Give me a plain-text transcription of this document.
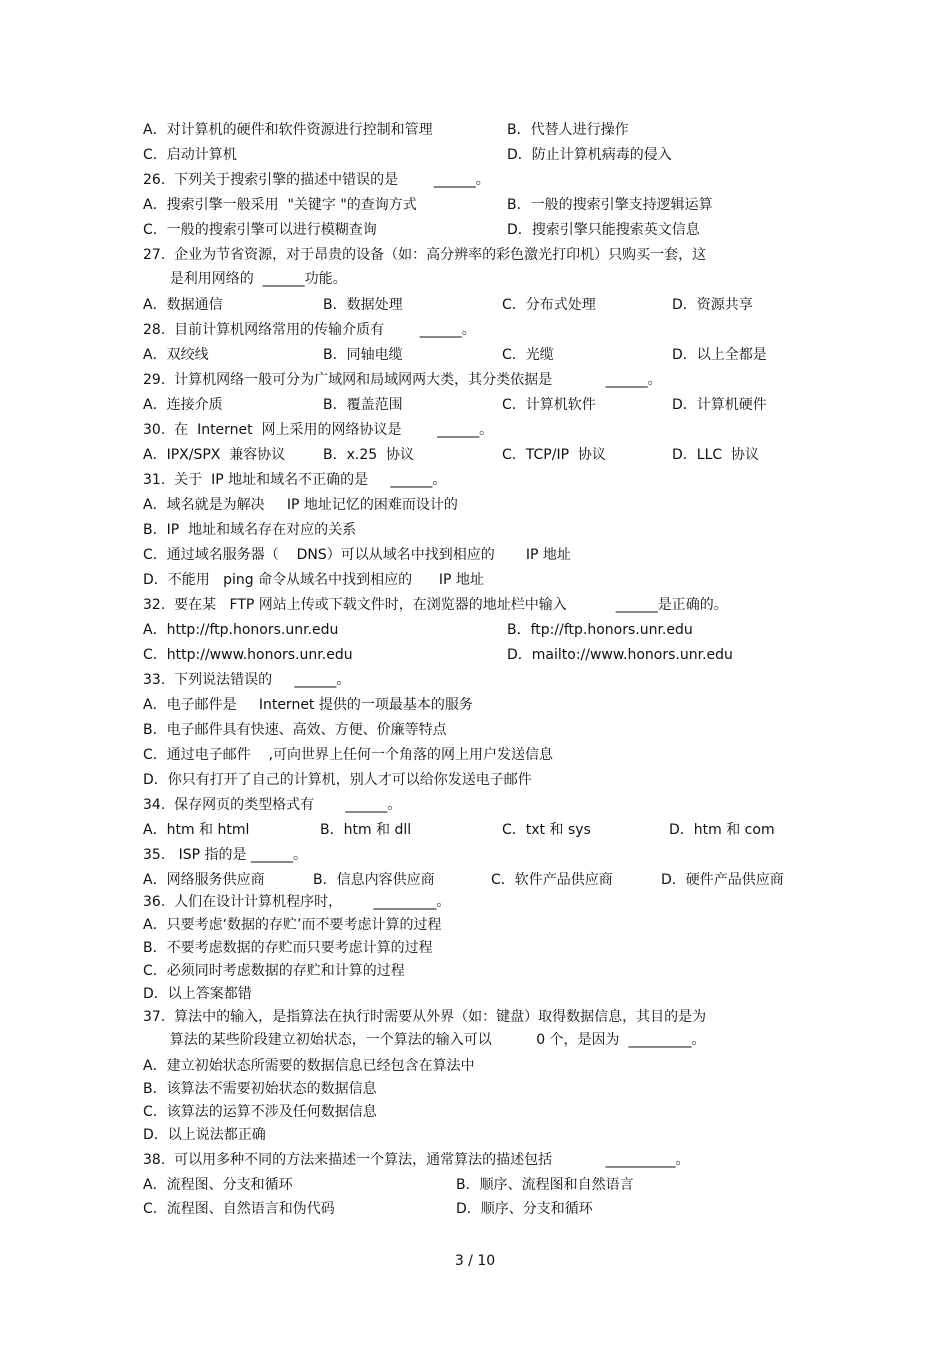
A．对计算机的硬件和软件资源进行控制和管理	B．代替人进行操作
C．启动计算机	D．防止计算机病毒的侵入
26.  下列关于搜索引擎的描述中错误的是        ______。
A．搜索引擎一般采用  "关键字 "的查询方式	B．一般的搜索引擎支持逻辑运算
C．一般的搜索引擎可以进行模糊查询	D．搜索引擎只能搜索英文信息
27.  企业为节省资源，对于昂贵的设备（如：高分辨率的彩色激光打印机）只购买一套，这
是利用网络的  ______功能。
A．数据通信	B．数据处理	C．分布式处理	D．资源共享
28.  目前计算机网络常用的传输介质有        ______。
A．双绞线	B．同轴电缆	C．光缆	D．以上全都是
29.  计算机网络一般可分为广域网和局域网两大类，其分类依据是            ______。
A．连接介质	B．覆盖范围	C．计算机软件	D．计算机硬件
30.  在  Internet  网上采用的网络协议是        ______。
A．IPX/SPX  兼容协议	B．x.25  协议	C．TCP/IP  协议	D．LLC  协议
31.  关于  IP 地址和域名不正确的是     ______。
A．域名就是为解决     IP 地址记忆的困难而设计的
B．IP  地址和域名存在对应的关系
C．通过域名服务器（    DNS）可以从域名中找到相应的       IP 地址
D．不能用   ping 命令从域名中找到相应的      IP 地址
32.  要在某   FTP 网站上传或下载文件时，在浏览器的地址栏中输入           ______是正确的。
A．http://ftp.honors.unr.edu	B．ftp://ftp.honors.unr.edu
C．http://www.honors.unr.edu	D．mailto://www.honors.unr.edu
33.  下列说法错误的     ______。
A．电子邮件是     Internet 提供的一项最基本的服务
B．电子邮件具有快速、高效、方便、价廉等特点
C．通过电子邮件    ,可向世界上任何一个角落的网上用户发送信息
D．你只有打开了自己的计算机，别人才可以给你发送电子邮件
34.  保存网页的类型格式有       ______。
A．htm 和 html	B．htm 和 dll	C．txt 和 sys	D．htm 和 com
35.   ISP 指的是 ______。
A．网络服务供应商	B．信息内容供应商	C．软件产品供应商	D．硬件产品供应商
36.  人们在设计计算机程序时，       _________。
A．只要考虑‘数据的存贮’而不要考虑计算的过程
B．不要考虑数据的存贮而只要考虑计算的过程
C．必须同时考虑数据的存贮和计算的过程
D．以上答案都错
37.  算法中的输入，是指算法在执行时需要从外界（如：键盘）取得数据信息，其目的是为
算法的某些阶段建立初始状态，一个算法的输入可以          0 个，是因为  _________。
A．建立初始状态所需要的数据信息已经包含在算法中
B．该算法不需要初始状态的数据信息
C．该算法的运算不涉及任何数据信息
D．以上说法都正确
38.  可以用多种不同的方法来描述一个算法，通常算法的描述包括            __________。
A．流程图、分支和循环	B．顺序、流程图和自然语言
C．流程图、自然语言和伪代码	D．顺序、分支和循环
3 / 10
